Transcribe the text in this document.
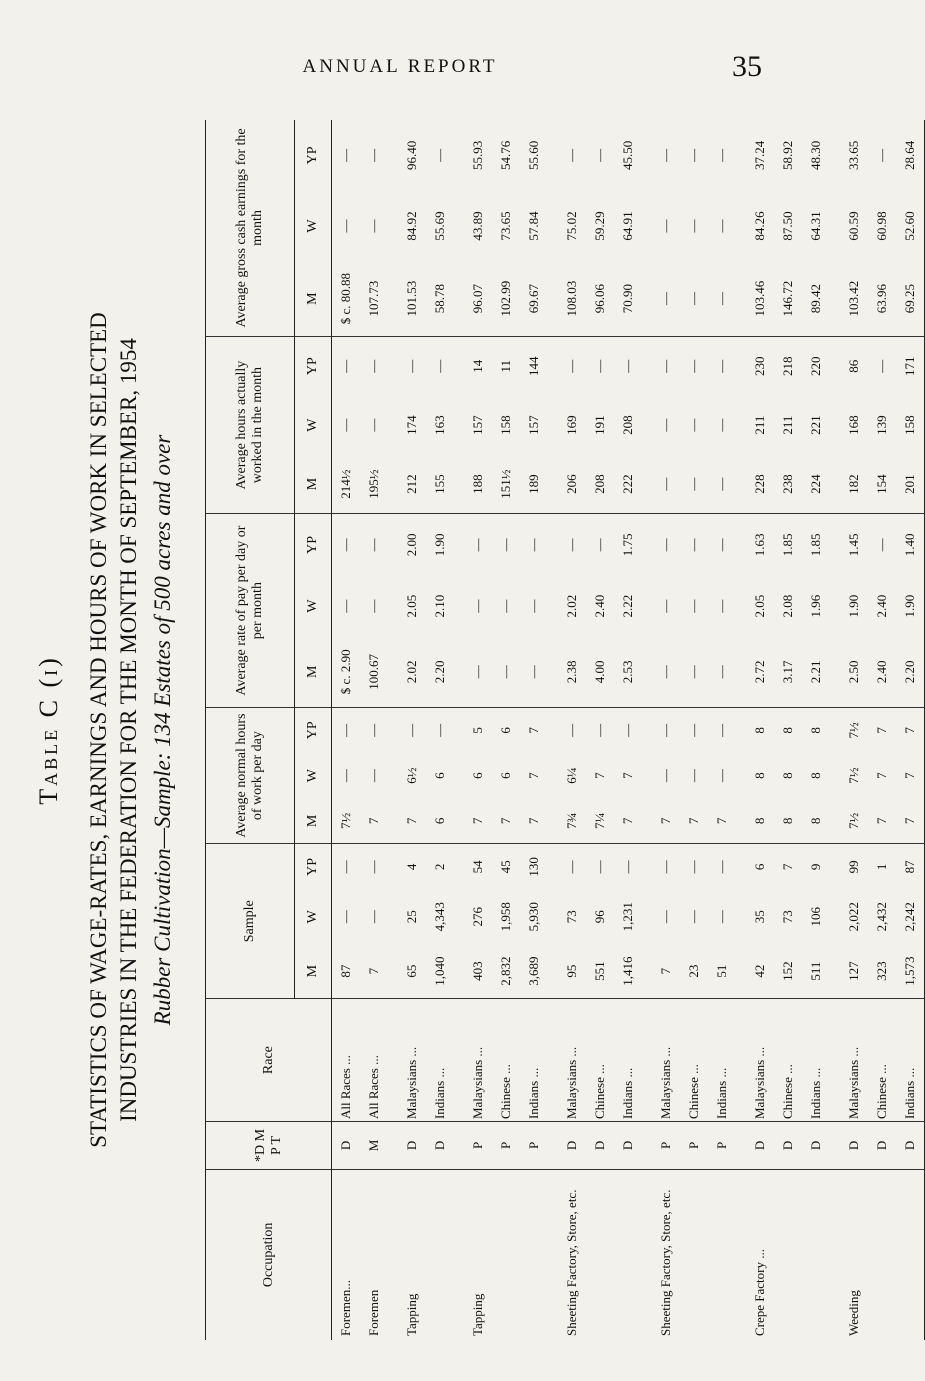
ANNUAL REPORT	35
Table C (i) STATISTICS OF WAGE-RATES, EARNINGS AND HOURS OF WORK IN SELECTED INDUSTRIES IN THE FEDERATION FOR THE MONTH OF SEPTEMBER, 1954 Rubber Cultivation—Sample: 134 Estates of 500 acres and over
Occupation	*D M P T	Race	Sample			Average normal hours of work per day			Average rate of pay per day or per month			Average hours actually worked in the month			Average gross cash earnings for the month		
			M	W	YP	M	W	YP	M	W	YP	M	W	YP	M	W	YP
Foremen...	D	All Races ...	87	—	—	7½	—	—	$ c. 2.90	—	—	214½	—	—	$ c. 80.88	—	—
Foremen	M	All Races ...	7	—	—	7	—	—	100.67	—	—	195½	—	—	107.73	—	—

Tapping	D	Malaysians ...	65	25	4	7	6½	—	2.02	2.05	2.00	212	174	—	101.53	84.92	96.40
	D	Indians ...	1,040	4,343	2	6	6	—	2.20	2.10	1.90	155	163	—	58.78	55.69	—

Tapping	P	Malaysians ...	403	276	54	7	6	5	—	—	—	188	157	14	96.07	43.89	55.93
	P	Chinese ...	2,832	1,958	45	7	6	6	—	—	—	151½	158	11	102.99	73.65	54.76
	P	Indians ...	3,689	5,930	130	7	7	7	—	—	—	189	157	144	69.67	57.84	55.60

Sheeting Factory, Store, etc.	D	Malaysians ...	95	73	—	7¾	6¼	—	2.38	2.02	—	206	169	—	108.03	75.02	—
	D	Chinese ...	551	96	—	7¼	7	—	4.00	2.40	—	208	191	—	96.06	59.29	—
	D	Indians ...	1,416	1,231	—	7	7	—	2.53	2.22	1.75	222	208	—	70.90	64.91	45.50

Sheeting Factory, Store, etc.	P	Malaysians ...	7	—	—	7	—	—	—	—	—	—	—	—	—	—	—
	P	Chinese ...	23	—	—	7	—	—	—	—	—	—	—	—	—	—	—
	P	Indians ...	51	—	—	7	—	—	—	—	—	—	—	—	—	—	—

Crepe Factory ...	D	Malaysians ...	42	35	6	8	8	8	2.72	2.05	1.63	228	211	230	103.46	84.26	37.24
	D	Chinese ...	152	73	7	8	8	8	3.17	2.08	1.85	238	211	218	146.72	87.50	58.92
	D	Indians ...	511	106	9	8	8	8	2.21	1.96	1.85	224	221	220	89.42	64.31	48.30

Weeding	D	Malaysians ...	127	2,022	99	7½	7½	7½	2.50	1.90	1.45	182	168	86	103.42	60.59	33.65
	D	Chinese ...	323	2,432	1	7	7	7	2.40	2.40	—	154	139	—	63.96	60.98	—
	D	Indians ...	1,573	2,242	87	7	7	7	2.20	1.90	1.40	201	158	171	69.25	52.60	28.64
